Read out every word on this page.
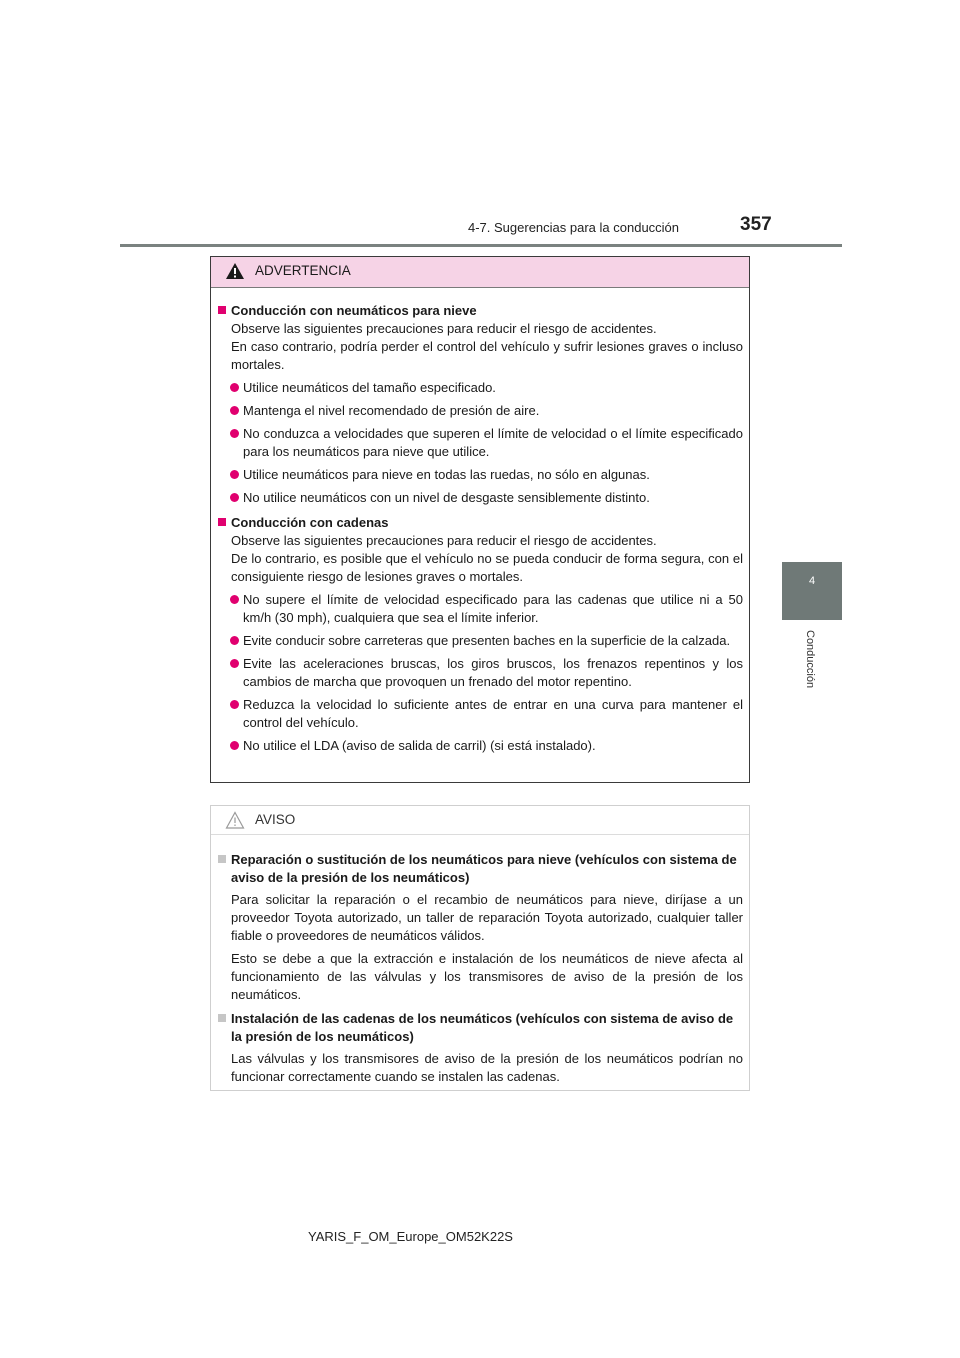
4-7. Sugerencias para la conducción	357
4
Conducción
ADVERTENCIA
Conducción con neumáticos para nieve
Observe las siguientes precauciones para reducir el riesgo de accidentes.
En caso contrario, podría perder el control del vehículo y sufrir lesiones graves o incluso mortales.
Utilice neumáticos del tamaño especificado.
Mantenga el nivel recomendado de presión de aire.
No conduzca a velocidades que superen el límite de velocidad o el límite especificado para los neumáticos para nieve que utilice.
Utilice neumáticos para nieve en todas las ruedas, no sólo en algunas.
No utilice neumáticos con un nivel de desgaste sensiblemente distinto.
Conducción con cadenas
Observe las siguientes precauciones para reducir el riesgo de accidentes.
De lo contrario, es posible que el vehículo no se pueda conducir de forma segura, con el consiguiente riesgo de lesiones graves o mortales.
No supere el límite de velocidad especificado para las cadenas que utilice ni a 50 km/h (30 mph), cualquiera que sea el límite inferior.
Evite conducir sobre carreteras que presenten baches en la superficie de la calzada.
Evite las aceleraciones bruscas, los giros bruscos, los frenazos repentinos y los cambios de marcha que provoquen un frenado del motor repentino.
Reduzca la velocidad lo suficiente antes de entrar en una curva para mantener el control del vehículo.
No utilice el LDA (aviso de salida de carril) (si está instalado).
AVISO
Reparación o sustitución de los neumáticos para nieve (vehículos con sistema de aviso de la presión de los neumáticos)
Para solicitar la reparación o el recambio de neumáticos para nieve, diríjase a un proveedor Toyota autorizado, un taller de reparación Toyota autorizado, cualquier taller fiable o proveedores de neumáticos válidos.
Esto se debe a que la extracción e instalación de los neumáticos de nieve afecta al funcionamiento de las válvulas y los transmisores de aviso de la presión de los neumáticos.
Instalación de las cadenas de los neumáticos (vehículos con sistema de aviso de la presión de los neumáticos)
Las válvulas y los transmisores de aviso de la presión de los neumáticos podrían no funcionar correctamente cuando se instalen las cadenas.
YARIS_F_OM_Europe_OM52K22S
